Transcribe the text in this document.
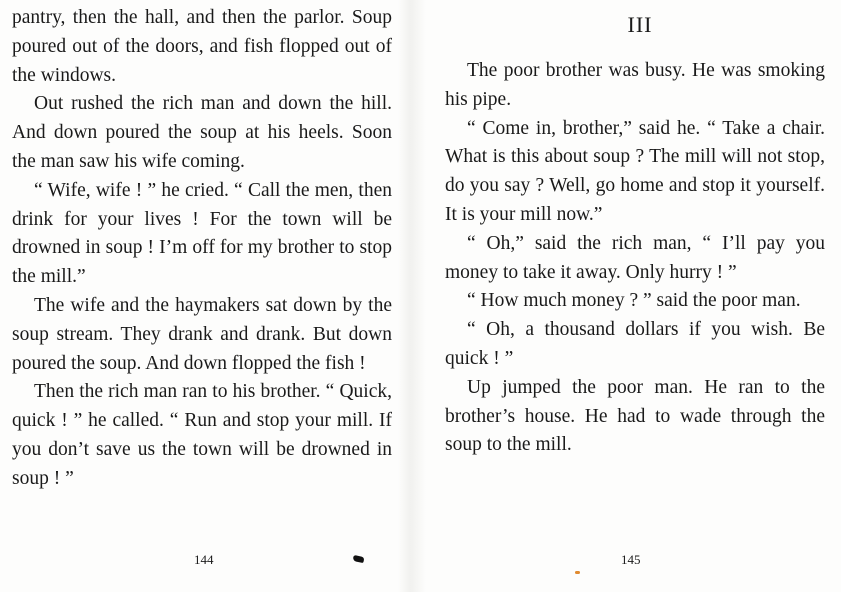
pantry, then the hall, and then the parlor. Soup poured out of the doors, and fish flopped out of the windows.

Out rushed the rich man and down the hill. And down poured the soup at his heels. Soon the man saw his wife coming.

“ Wife, wife ! ” he cried. “ Call the men, then drink for your lives ! For the town will be drowned in soup ! I’m off for my brother to stop the mill.”

The wife and the haymakers sat down by the soup stream. They drank and drank. But down poured the soup. And down flopped the fish !

Then the rich man ran to his brother. “ Quick, quick ! ” he called. “ Run and stop your mill. If you don’t save us the town will be drowned in soup ! ”

144
III

The poor brother was busy. He was smoking his pipe.

“ Come in, brother,” said he. “ Take a chair. What is this about soup ? The mill will not stop, do you say ? Well, go home and stop it yourself. It is your mill now.”

“ Oh,” said the rich man, “ I’ll pay you money to take it away. Only hurry ! ”

“ How much money ? ” said the poor man.

“ Oh, a thousand dollars if you wish. Be quick ! ”

Up jumped the poor man. He ran to the brother’s house. He had to wade through the soup to the mill.

145
